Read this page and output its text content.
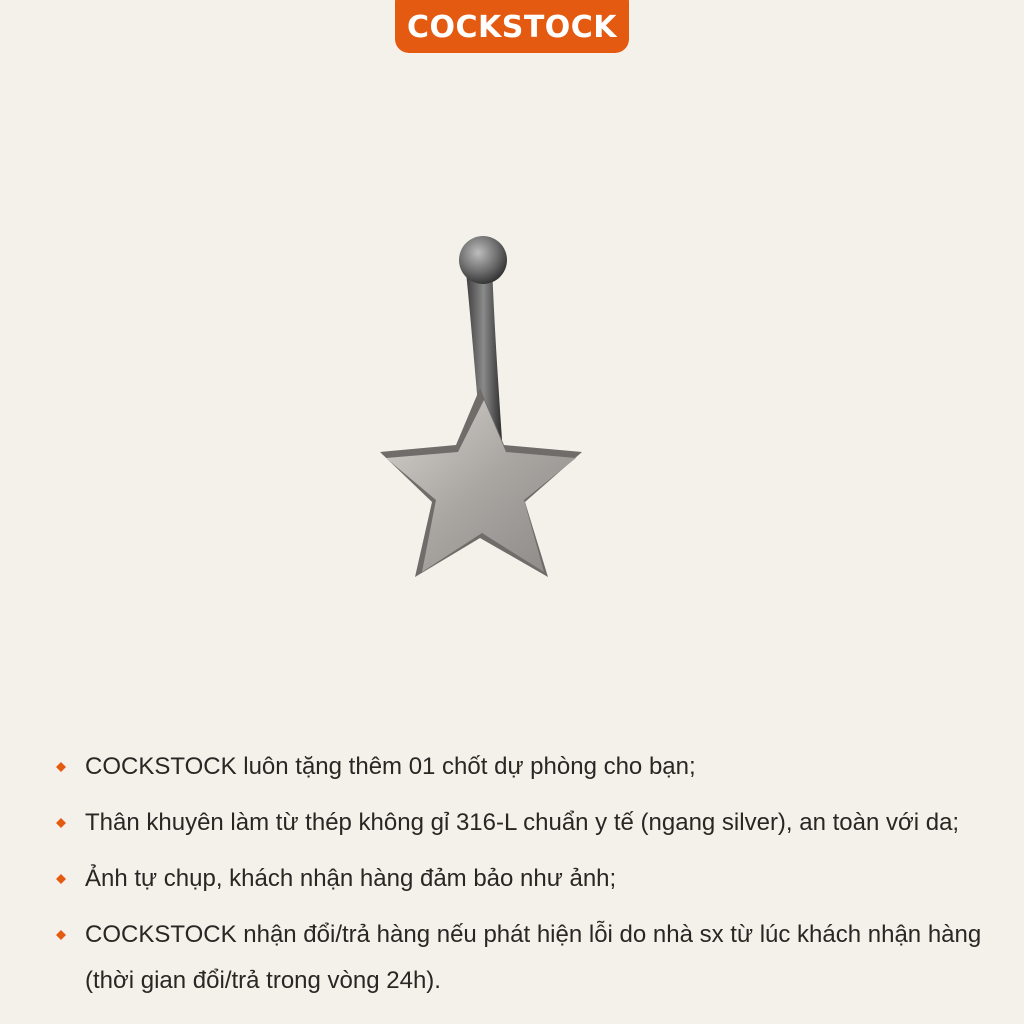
COCKSTOCK
COCKSTOCK luôn tặng thêm 01 chốt dự phòng cho bạn;
Thân khuyên làm từ thép không gỉ 316-L chuẩn y tế (ngang silver), an toàn với da;
Ảnh tự chụp, khách nhận hàng đảm bảo như ảnh;
COCKSTOCK nhận đổi/trả hàng nếu phát hiện lỗi do nhà sx từ lúc khách nhận hàng (thời gian đổi/trả trong vòng 24h).
